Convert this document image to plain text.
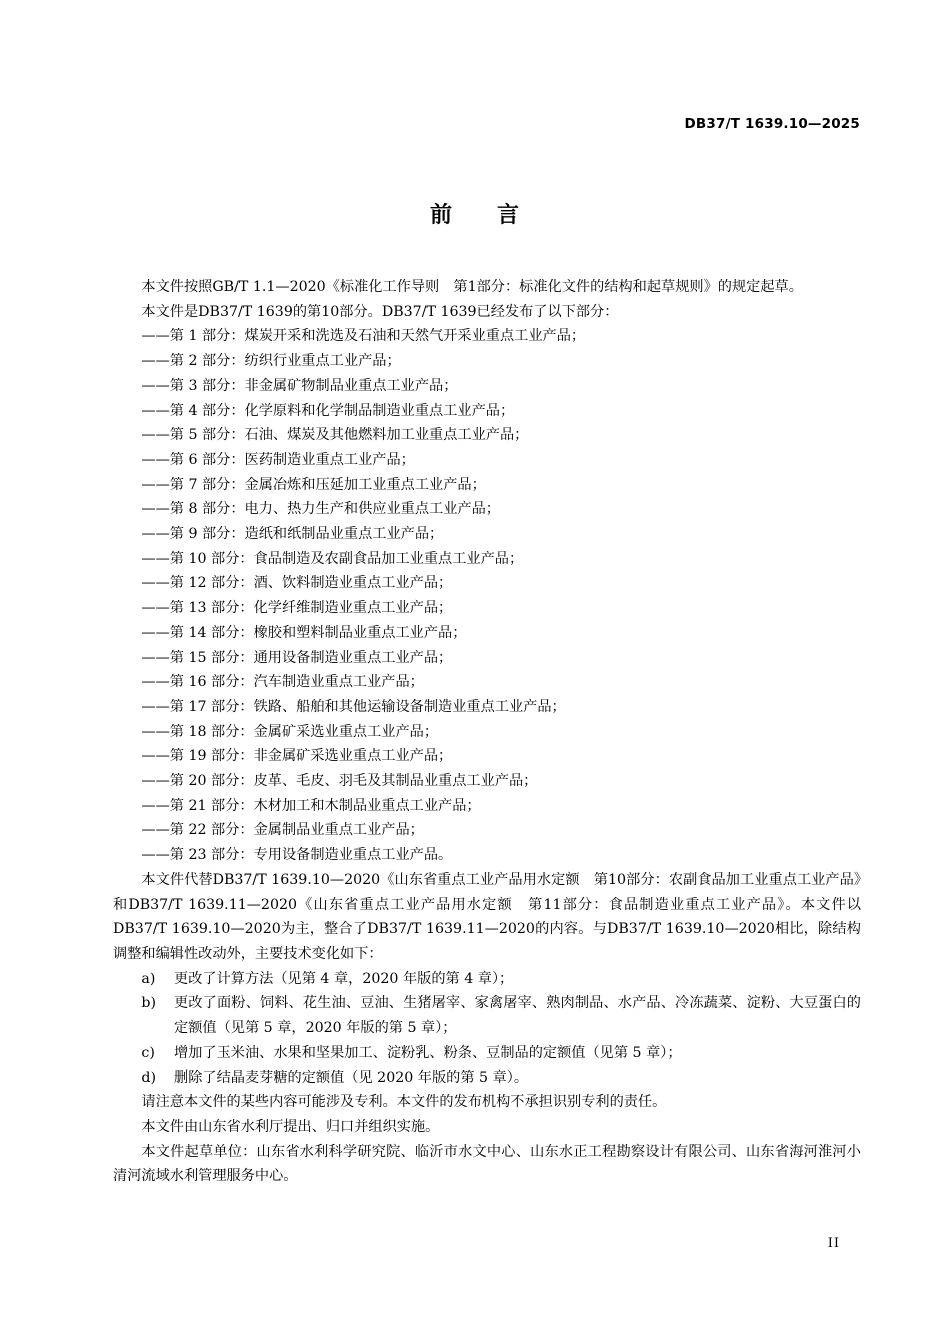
DB37/T 1639.10—2025
前 言

本文件按照GB/T 1.1—2020《标准化工作导则　第1部分：标准化文件的结构和起草规则》的规定起草。

本文件是DB37/T 1639的第10部分。DB37/T 1639已经发布了以下部分：

——第 1 部分：煤炭开采和洗选及石油和天然气开采业重点工业产品；

——第 2 部分：纺织行业重点工业产品；

——第 3 部分：非金属矿物制品业重点工业产品；

——第 4 部分：化学原料和化学制品制造业重点工业产品；

——第 5 部分：石油、煤炭及其他燃料加工业重点工业产品；

——第 6 部分：医药制造业重点工业产品；

——第 7 部分：金属冶炼和压延加工业重点工业产品；

——第 8 部分：电力、热力生产和供应业重点工业产品；

——第 9 部分：造纸和纸制品业重点工业产品；

——第 10 部分：食品制造及农副食品加工业重点工业产品；

——第 12 部分：酒、饮料制造业重点工业产品；

——第 13 部分：化学纤维制造业重点工业产品；

——第 14 部分：橡胶和塑料制品业重点工业产品；

——第 15 部分：通用设备制造业重点工业产品；

——第 16 部分：汽车制造业重点工业产品；

——第 17 部分：铁路、船舶和其他运输设备制造业重点工业产品；

——第 18 部分：金属矿采选业重点工业产品；

——第 19 部分：非金属矿采选业重点工业产品；

——第 20 部分：皮革、毛皮、羽毛及其制品业重点工业产品；

——第 21 部分：木材加工和木制品业重点工业产品；

——第 22 部分：金属制品业重点工业产品；

——第 23 部分：专用设备制造业重点工业产品。

本文件代替DB37/T 1639.10—2020《山东省重点工业产品用水定额　第10部分：农副食品加工业重点工业产品》和DB37/T 1639.11—2020《山东省重点工业产品用水定额　第11部分：食品制造业重点工业产品》。本文件以DB37/T 1639.10—2020为主，整合了DB37/T 1639.11—2020的内容。与DB37/T 1639.10—2020相比，除结构调整和编辑性改动外，主要技术变化如下：

a)	更改了计算方法（见第 4 章，2020 年版的第 4 章）；
b)	更改了面粉、饲料、花生油、豆油、生猪屠宰、家禽屠宰、熟肉制品、水产品、冷冻蔬菜、淀粉、大豆蛋白的定额值（见第 5 章，2020 年版的第 5 章）；
c)	增加了玉米油、水果和坚果加工、淀粉乳、粉条、豆制品的定额值（见第 5 章）；
d)	删除了结晶麦芽糖的定额值（见 2020 年版的第 5 章）。

请注意本文件的某些内容可能涉及专利。本文件的发布机构不承担识别专利的责任。

本文件由山东省水利厅提出、归口并组织实施。

本文件起草单位：山东省水利科学研究院、临沂市水文中心、山东水正工程勘察设计有限公司、山东省海河淮河小清河流域水利管理服务中心。

II
